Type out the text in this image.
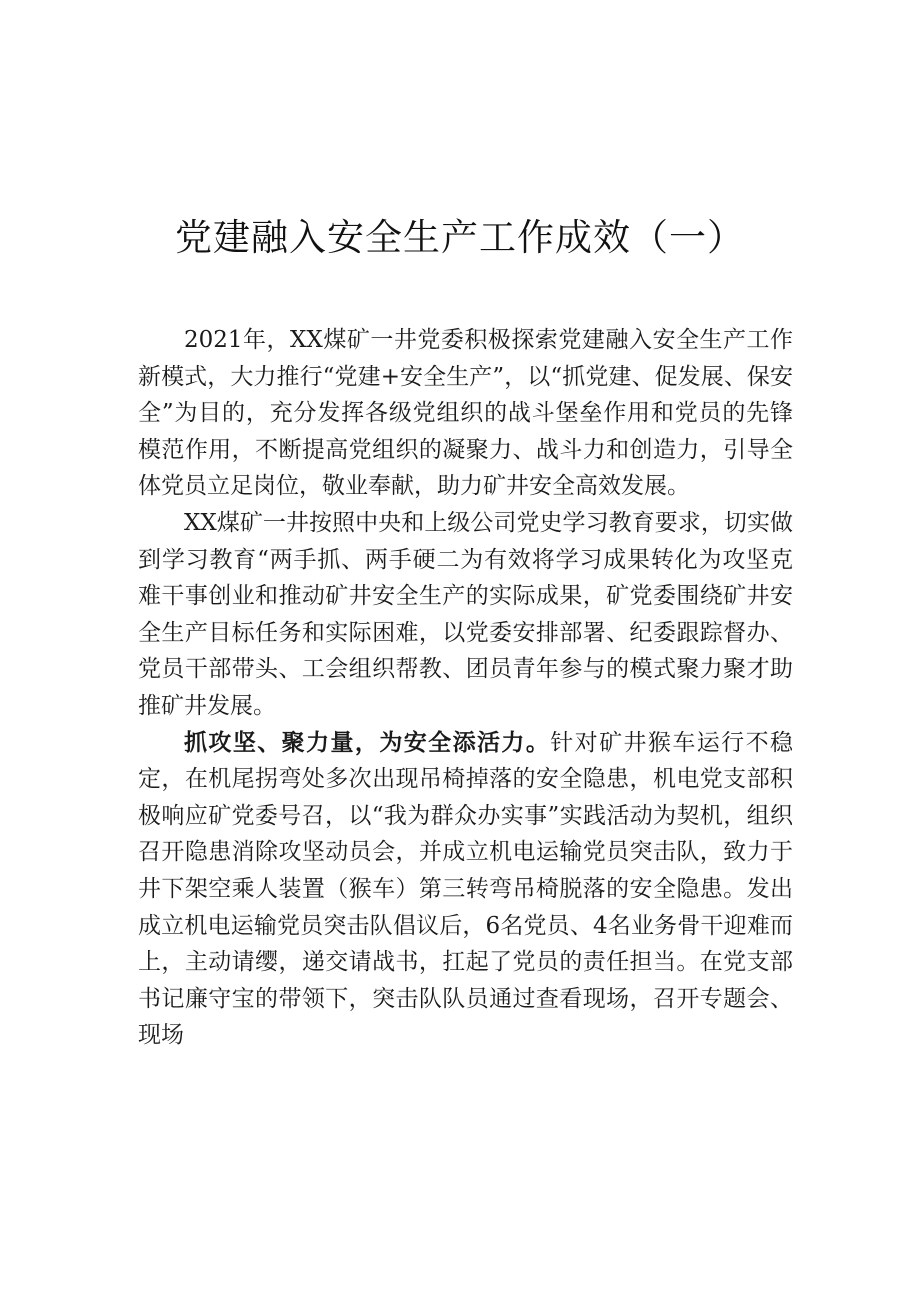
党建融入安全生产工作成效（一）

2021年，XX煤矿一井党委积极探索党建融入安全生产工作新模式，大力推行“党建+安全生产”，以“抓党建、促发展、保安全”为目的，充分发挥各级党组织的战斗堡垒作用和党员的先锋模范作用，不断提高党组织的凝聚力、战斗力和创造力，引导全体党员立足岗位，敬业奉献，助力矿井安全高效发展。

XX煤矿一井按照中央和上级公司党史学习教育要求，切实做到学习教育“两手抓、两手硬二为有效将学习成果转化为攻坚克难干事创业和推动矿井安全生产的实际成果，矿党委围绕矿井安全生产目标任务和实际困难，以党委安排部署、纪委跟踪督办、党员干部带头、工会组织帮教、团员青年参与的模式聚力聚才助推矿井发展。

抓攻坚、聚力量，为安全添活力。针对矿井猴车运行不稳定，在机尾拐弯处多次出现吊椅掉落的安全隐患，机电党支部积极响应矿党委号召，以“我为群众办实事”实践活动为契机，组织召开隐患消除攻坚动员会，并成立机电运输党员突击队，致力于井下架空乘人装置（猴车）第三转弯吊椅脱落的安全隐患。发出成立机电运输党员突击队倡议后，6名党员、4名业务骨干迎难而上，主动请缨，递交请战书，扛起了党员的责任担当。在党支部书记廉守宝的带领下，突击队队员通过查看现场，召开专题会、现场
